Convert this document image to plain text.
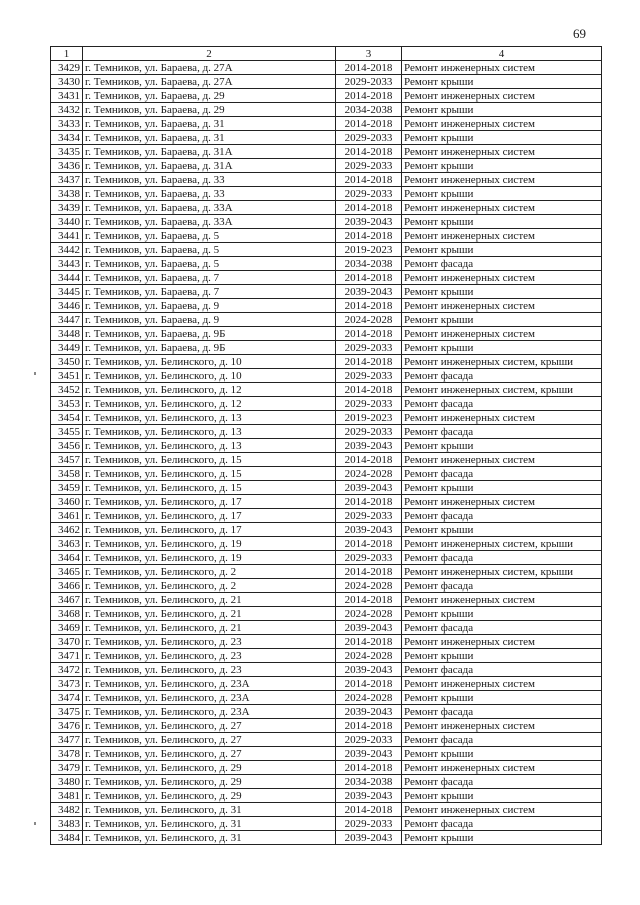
69
1	2	3	4
3429	г. Темников, ул. Бараева, д. 27А	2014-2018	Ремонт инженерных систем
3430	г. Темников, ул. Бараева, д. 27А	2029-2033	Ремонт крыши
3431	г. Темников, ул. Бараева, д. 29	2014-2018	Ремонт инженерных систем
3432	г. Темников, ул. Бараева, д. 29	2034-2038	Ремонт крыши
3433	г. Темников, ул. Бараева, д. 31	2014-2018	Ремонт инженерных систем
3434	г. Темников, ул. Бараева, д. 31	2029-2033	Ремонт крыши
3435	г. Темников, ул. Бараева, д. 31А	2014-2018	Ремонт инженерных систем
3436	г. Темников, ул. Бараева, д. 31А	2029-2033	Ремонт крыши
3437	г. Темников, ул. Бараева, д. 33	2014-2018	Ремонт инженерных систем
3438	г. Темников, ул. Бараева, д. 33	2029-2033	Ремонт крыши
3439	г. Темников, ул. Бараева, д. 33А	2014-2018	Ремонт инженерных систем
3440	г. Темников, ул. Бараева, д. 33А	2039-2043	Ремонт крыши
3441	г. Темников, ул. Бараева, д. 5	2014-2018	Ремонт инженерных систем
3442	г. Темников, ул. Бараева, д. 5	2019-2023	Ремонт крыши
3443	г. Темников, ул. Бараева, д. 5	2034-2038	Ремонт фасада
3444	г. Темников, ул. Бараева, д. 7	2014-2018	Ремонт инженерных систем
3445	г. Темников, ул. Бараева, д. 7	2039-2043	Ремонт крыши
3446	г. Темников, ул. Бараева, д. 9	2014-2018	Ремонт инженерных систем
3447	г. Темников, ул. Бараева, д. 9	2024-2028	Ремонт крыши
3448	г. Темников, ул. Бараева, д. 9Б	2014-2018	Ремонт инженерных систем
3449	г. Темников, ул. Бараева, д. 9Б	2029-2033	Ремонт крыши
3450	г. Темников, ул. Белинского, д. 10	2014-2018	Ремонт инженерных систем, крыши
3451	г. Темников, ул. Белинского, д. 10	2029-2033	Ремонт фасада
3452	г. Темников, ул. Белинского, д. 12	2014-2018	Ремонт инженерных систем, крыши
3453	г. Темников, ул. Белинского, д. 12	2029-2033	Ремонт фасада
3454	г. Темников, ул. Белинского, д. 13	2019-2023	Ремонт инженерных систем
3455	г. Темников, ул. Белинского, д. 13	2029-2033	Ремонт фасада
3456	г. Темников, ул. Белинского, д. 13	2039-2043	Ремонт крыши
3457	г. Темников, ул. Белинского, д. 15	2014-2018	Ремонт инженерных систем
3458	г. Темников, ул. Белинского, д. 15	2024-2028	Ремонт фасада
3459	г. Темников, ул. Белинского, д. 15	2039-2043	Ремонт крыши
3460	г. Темников, ул. Белинского, д. 17	2014-2018	Ремонт инженерных систем
3461	г. Темников, ул. Белинского, д. 17	2029-2033	Ремонт фасада
3462	г. Темников, ул. Белинского, д. 17	2039-2043	Ремонт крыши
3463	г. Темников, ул. Белинского, д. 19	2014-2018	Ремонт инженерных систем, крыши
3464	г. Темников, ул. Белинского, д. 19	2029-2033	Ремонт фасада
3465	г. Темников, ул. Белинского, д. 2	2014-2018	Ремонт инженерных систем, крыши
3466	г. Темников, ул. Белинского, д. 2	2024-2028	Ремонт фасада
3467	г. Темников, ул. Белинского, д. 21	2014-2018	Ремонт инженерных систем
3468	г. Темников, ул. Белинского, д. 21	2024-2028	Ремонт крыши
3469	г. Темников, ул. Белинского, д. 21	2039-2043	Ремонт фасада
3470	г. Темников, ул. Белинского, д. 23	2014-2018	Ремонт инженерных систем
3471	г. Темников, ул. Белинского, д. 23	2024-2028	Ремонт крыши
3472	г. Темников, ул. Белинского, д. 23	2039-2043	Ремонт фасада
3473	г. Темников, ул. Белинского, д. 23А	2014-2018	Ремонт инженерных систем
3474	г. Темников, ул. Белинского, д. 23А	2024-2028	Ремонт крыши
3475	г. Темников, ул. Белинского, д. 23А	2039-2043	Ремонт фасада
3476	г. Темников, ул. Белинского, д. 27	2014-2018	Ремонт инженерных систем
3477	г. Темников, ул. Белинского, д. 27	2029-2033	Ремонт фасада
3478	г. Темников, ул. Белинского, д. 27	2039-2043	Ремонт крыши
3479	г. Темников, ул. Белинского, д. 29	2014-2018	Ремонт инженерных систем
3480	г. Темников, ул. Белинского, д. 29	2034-2038	Ремонт фасада
3481	г. Темников, ул. Белинского, д. 29	2039-2043	Ремонт крыши
3482	г. Темников, ул. Белинского, д. 31	2014-2018	Ремонт инженерных систем
3483	г. Темников, ул. Белинского, д. 31	2029-2033	Ремонт фасада
3484	г. Темников, ул. Белинского, д. 31	2039-2043	Ремонт крыши
